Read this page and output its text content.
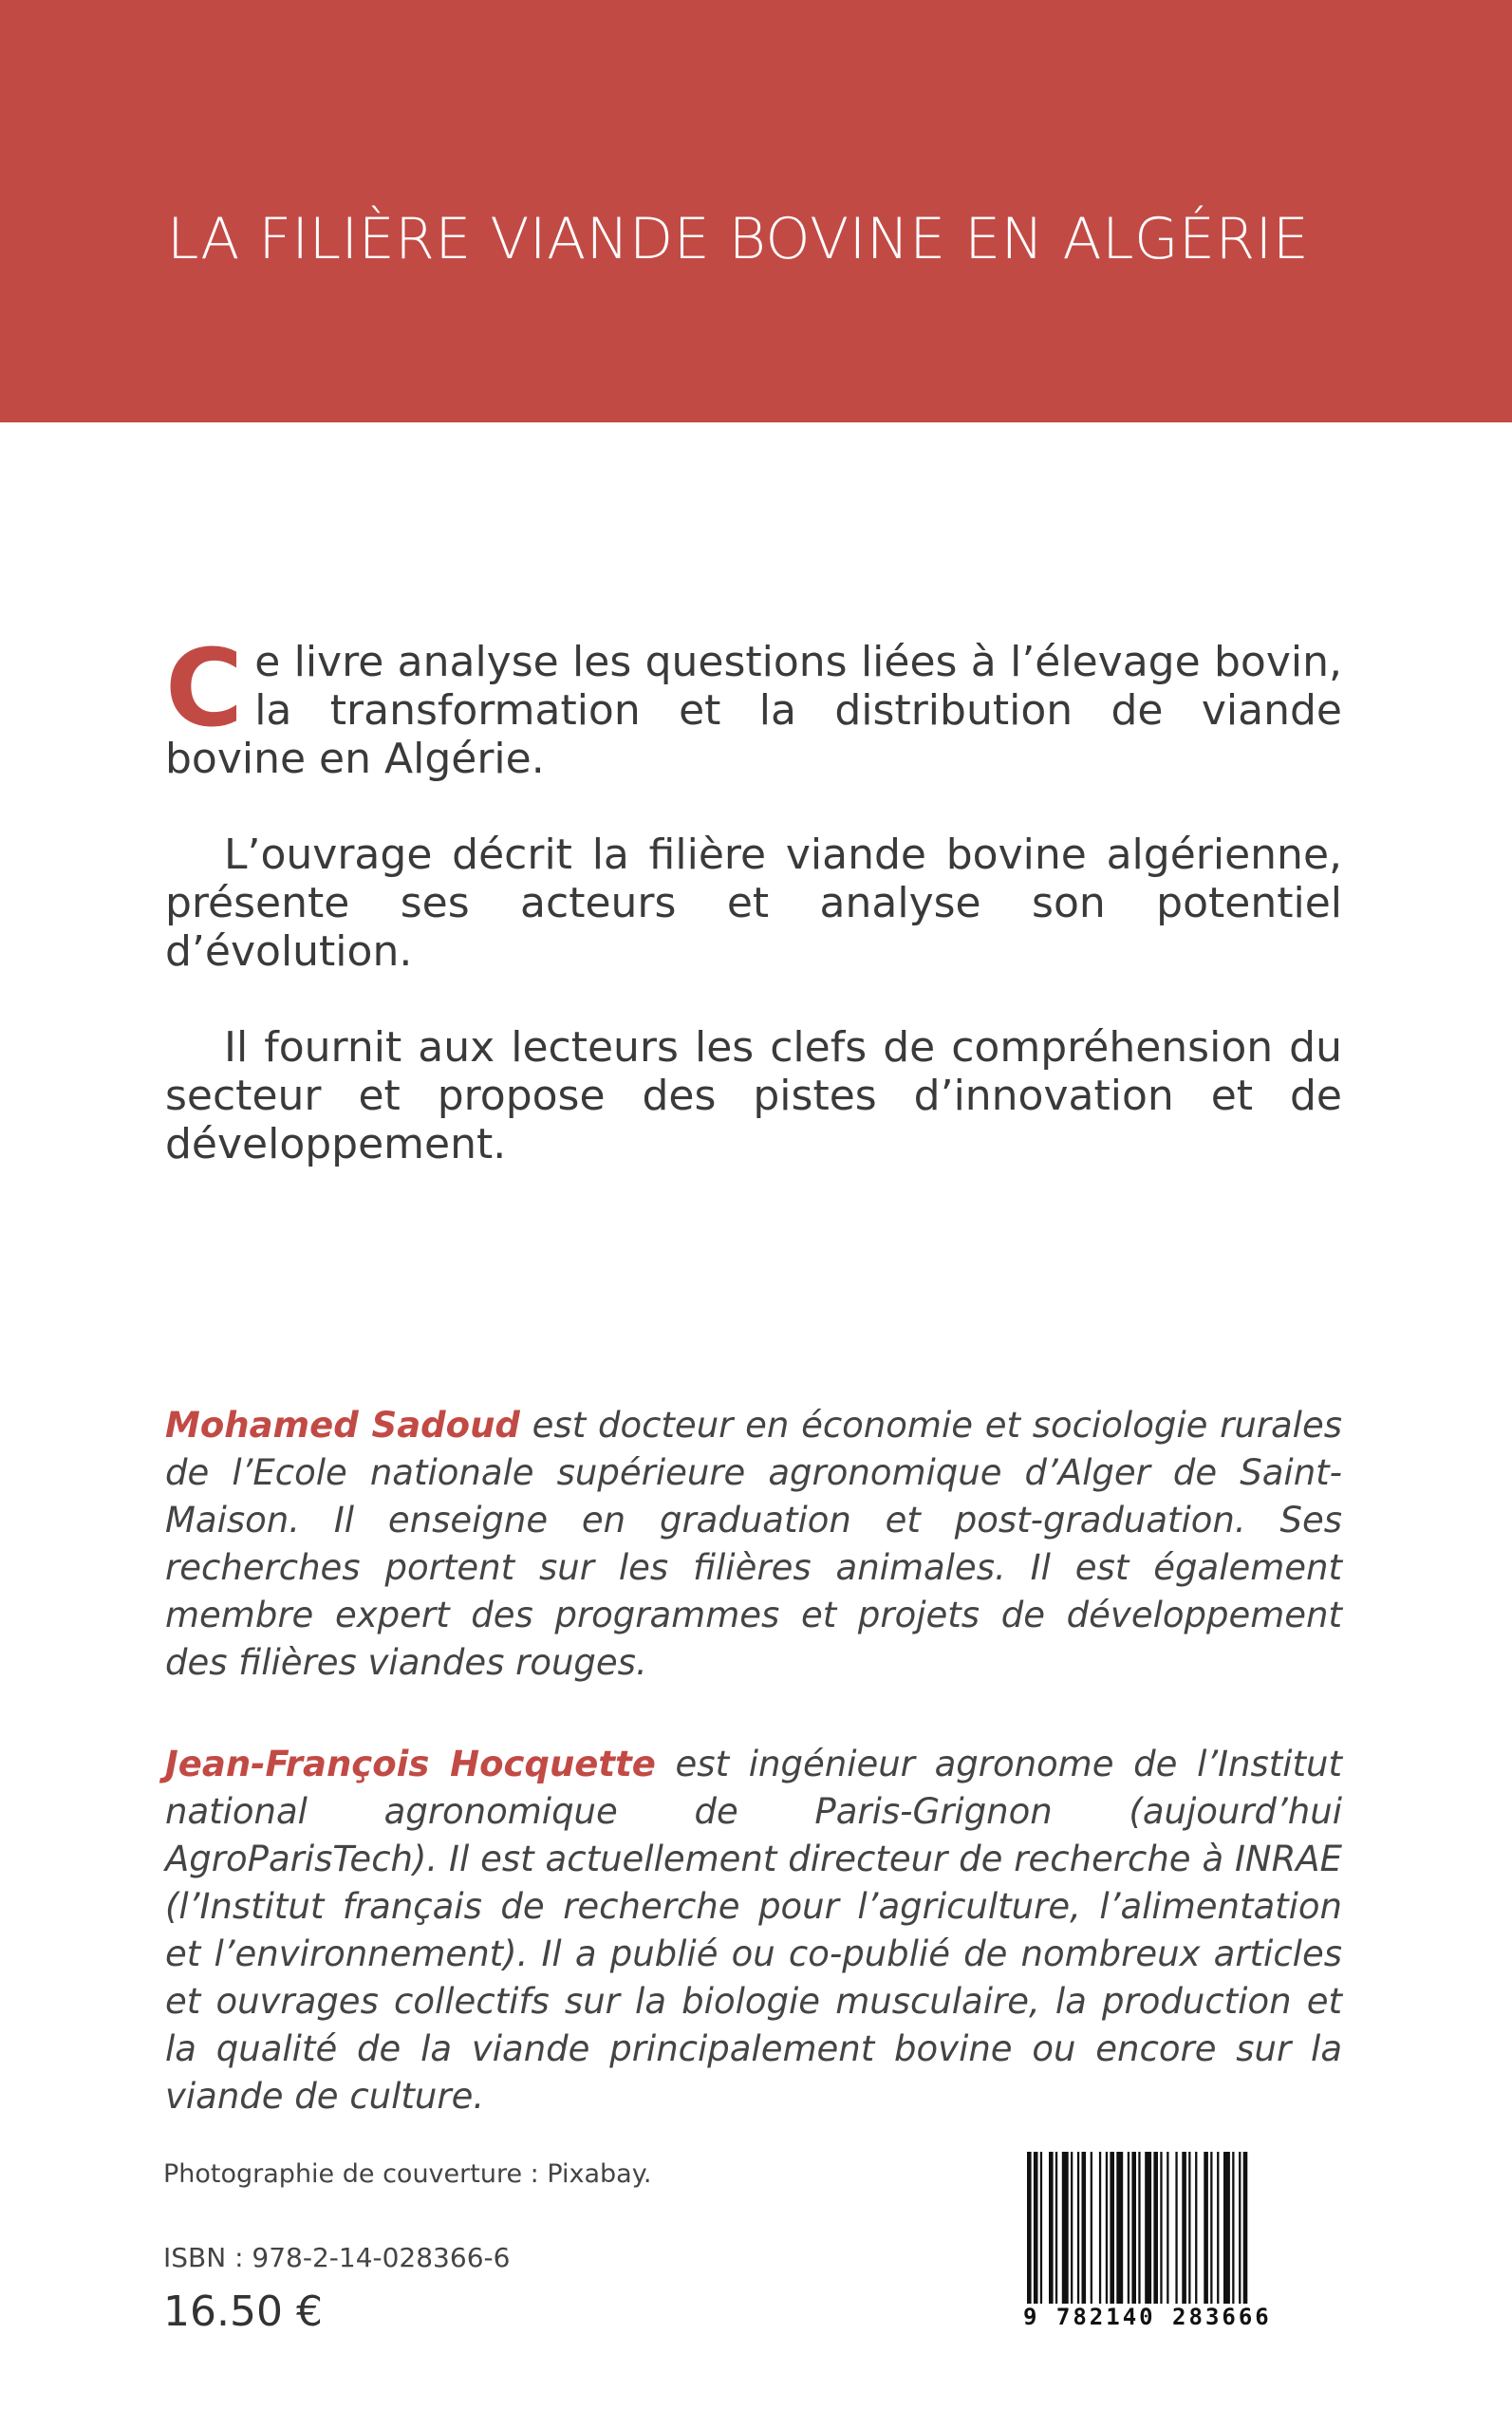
LA FILIÈRE VIANDE BOVINE EN ALGÉRIE

Ce livre analyse les questions liées à l’élevage bovin, la transformation et la distribution de viande bovine en Algérie.

L’ouvrage décrit la filière viande bovine algérienne, présente ses acteurs et analyse son potentiel d’évolution.

Il fournit aux lecteurs les clefs de compréhension du secteur et propose des pistes d’innovation et de développement.

Mohamed Sadoud est docteur en économie et sociologie rurales de l’Ecole nationale supérieure agronomique d’Alger de Saint-Maison. Il enseigne en graduation et post-graduation. Ses recherches portent sur les filières animales. Il est également membre expert des programmes et projets de développement des filières viandes rouges.
Jean-François Hocquette est ingénieur agronome de l’Institut national agronomique de Paris-Grignon (aujourd’hui AgroParisTech). Il est actuellement directeur de recherche à INRAE (l’Institut français de recherche pour l’agriculture, l’alimentation et l’environnement). Il a publié ou co-publié de nombreux articles et ouvrages collectifs sur la biologie musculaire, la production et la qualité de la viande principalement bovine ou encore sur la viande de culture.
Photographie de couverture : Pixabay.
ISBN : 978-2-14-028366-6
16.50 €	9 782140 283666
